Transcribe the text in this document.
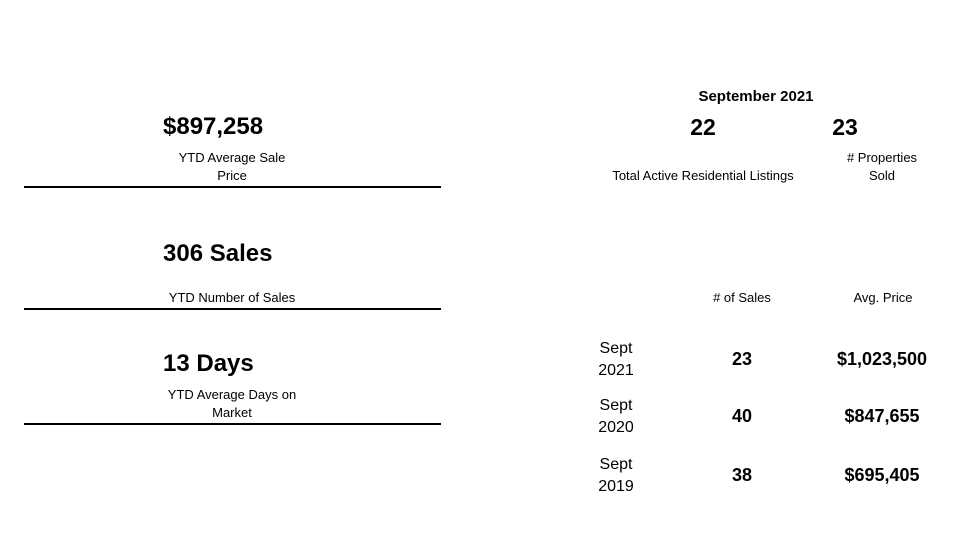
$897,258
YTD Average Sale
Price
306 Sales
YTD Number of Sales
13 Days
YTD Average Days on
Market
September 2021
22
Total Active Residential Listings
23
# Properties
Sold
# of Sales	Avg. Price
Sept
2021
23	$1,023,500
Sept
2020
40	$847,655
Sept
2019
38	$695,405
